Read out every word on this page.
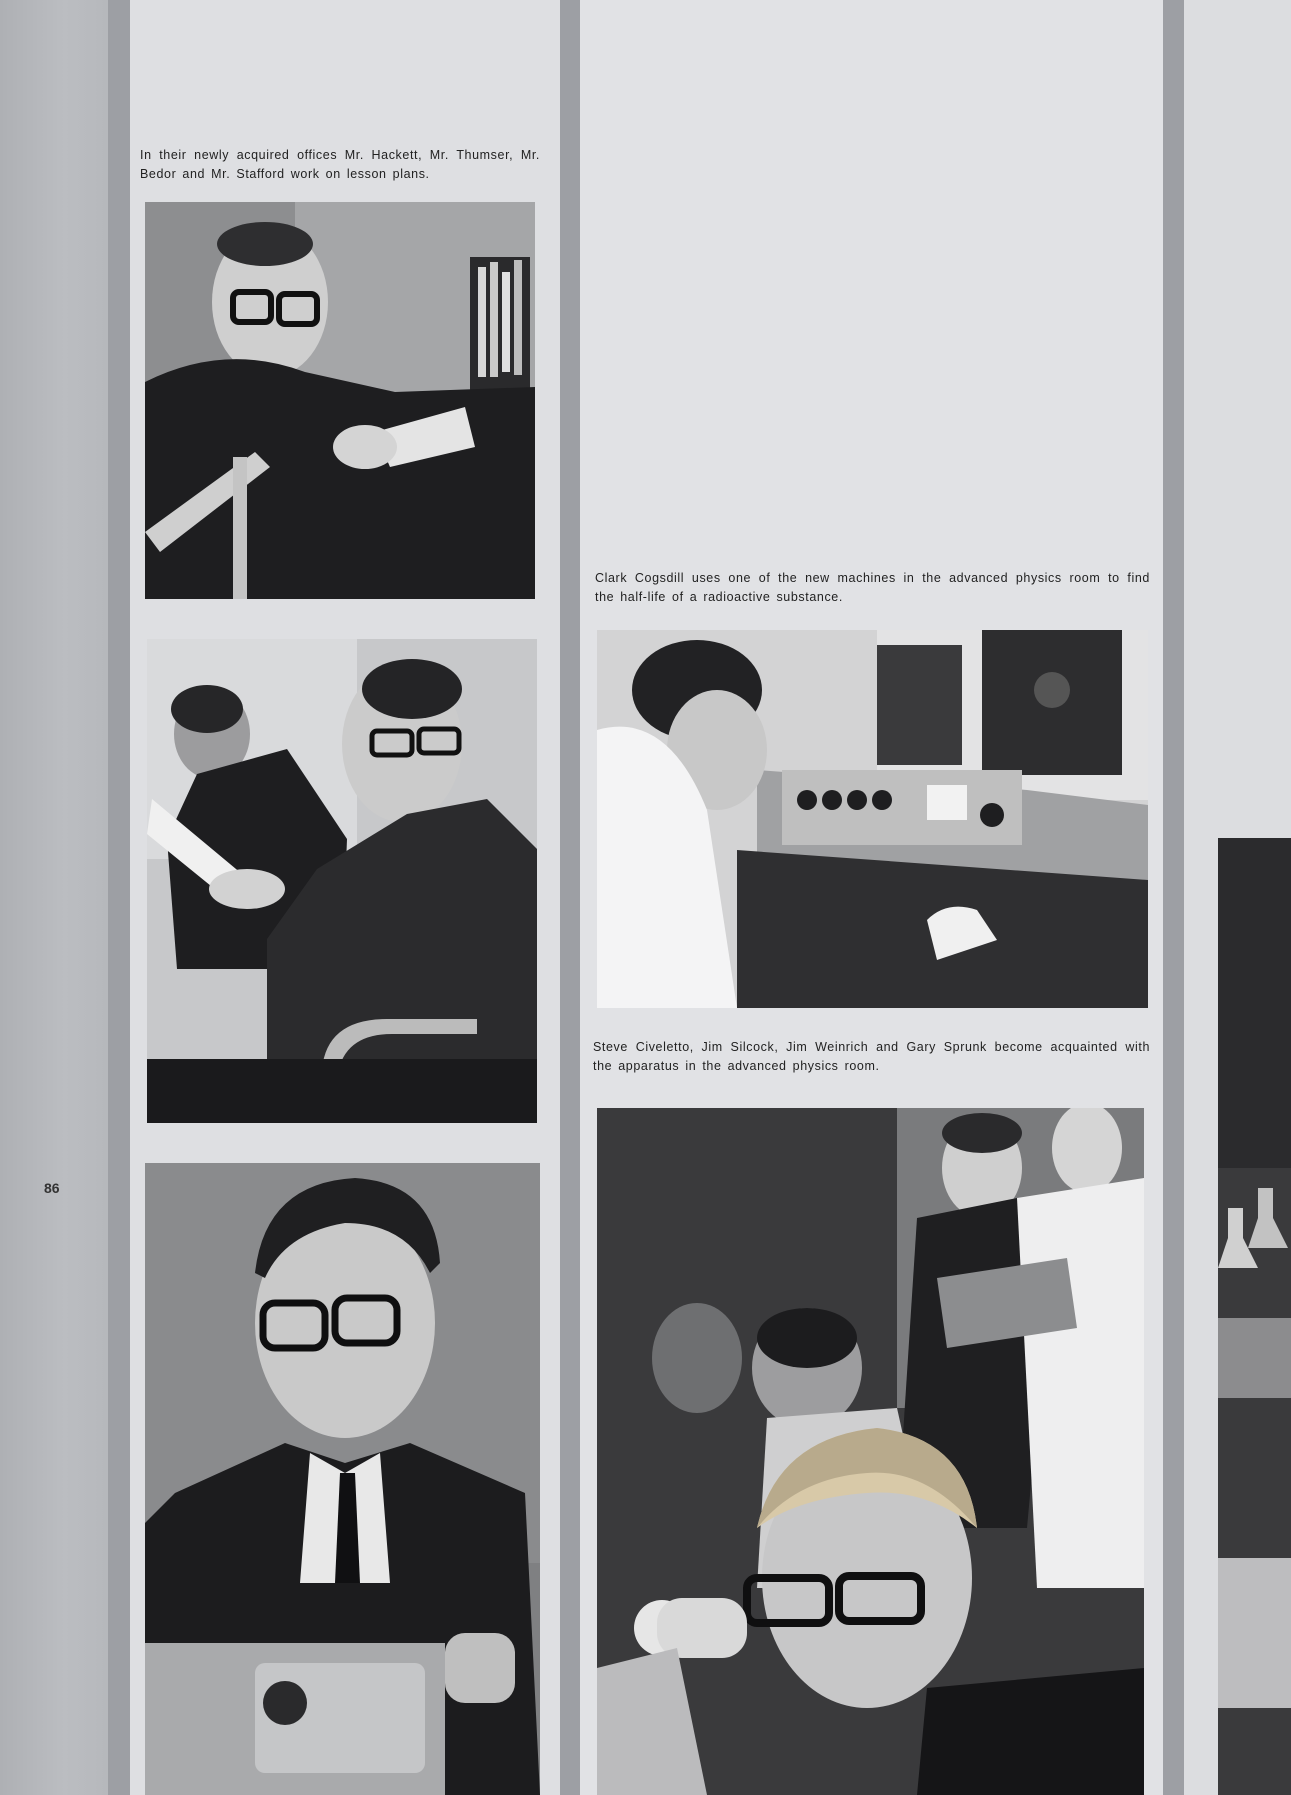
In their newly acquired offices Mr. Hackett, Mr. Thumser, Mr. Bedor and Mr. Stafford work on lesson plans.

Clark Cogsdill uses one of the new machines in the advanced physics room to find the half-life of a radioactive substance.

Steve Civeletto, Jim Silcock, Jim Weinrich and Gary Sprunk become acquainted with the apparatus in the advanced physics room.

86
